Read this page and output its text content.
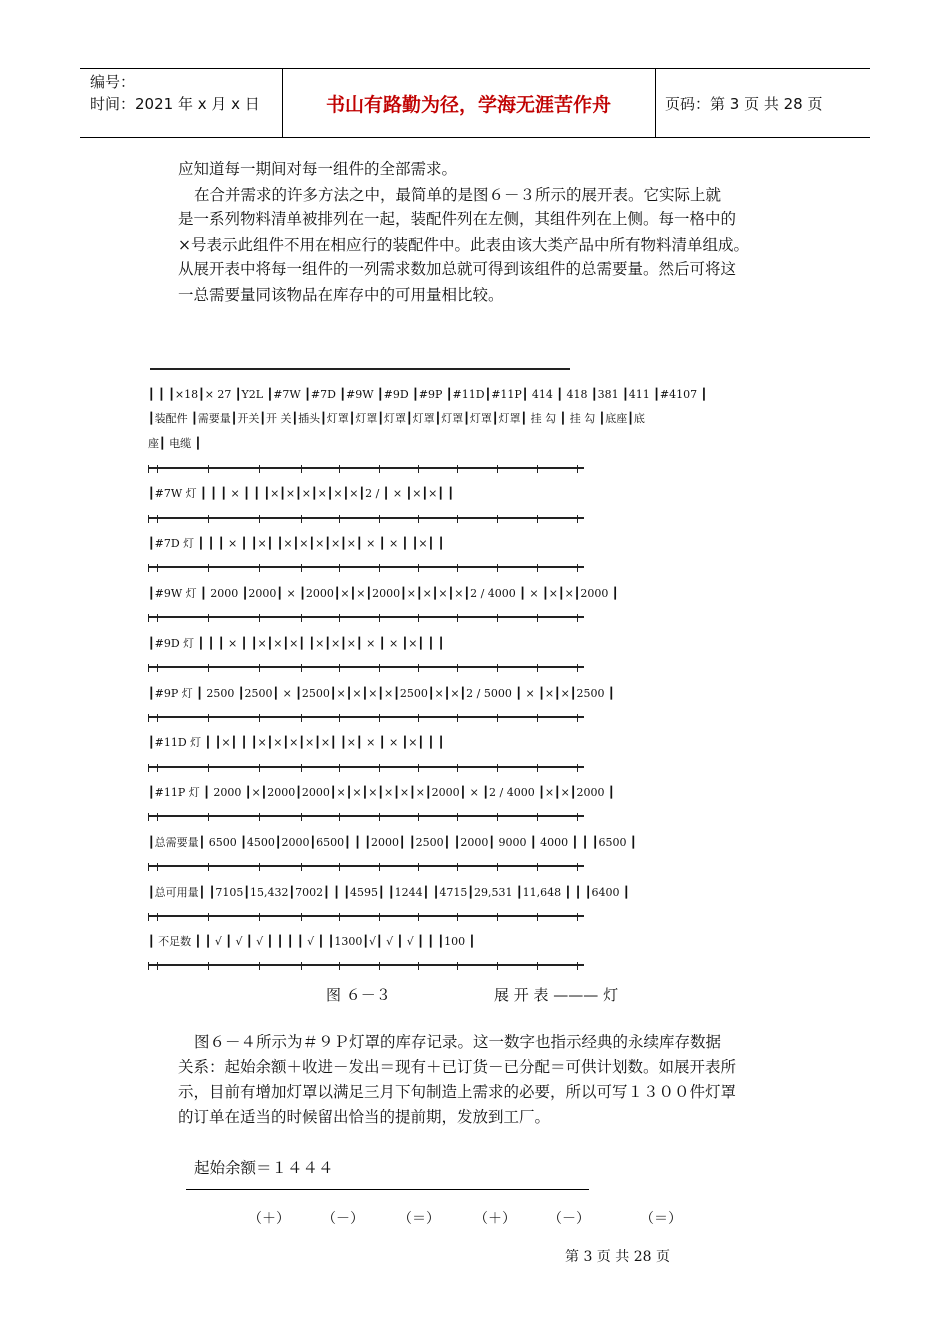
编号：
时间：2021 年 x 月 x 日	书山有路勤为径，学海无涯苦作舟	页码：第 3 页 共 28 页
应知道每一期间对每一组件的全部需求。
在合并需求的许多方法之中，最简单的是图６－３所示的展开表。它实际上就
是一系列物料清单被排列在一起，装配件列在左侧，其组件列在上侧。每一格中的
×号表示此组件不用在相应行的装配件中。此表由该大类产品中所有物料清单组成。
从展开表中将每一组件的一列需求数加总就可得到该组件的总需要量。然后可将这
一总需要量同该物品在库存中的可用量相比较。
┃ ┃ ┃×18┃× 27 ┃Y2L ┃#7W ┃#7D ┃#9W ┃#9D ┃#9P ┃#11D┃#11P┃ 414 ┃ 418 ┃381 ┃411 ┃#4107 ┃
┃装配件 ┃需要量┃开关┃开 关┃插头┃灯罩┃灯罩┃灯罩┃灯罩┃灯罩┃灯罩┃灯罩┃ 挂 勾 ┃ 挂 勾 ┃底座┃底
座┃ 电缆 ┃
┃#7W 灯 ┃ ┃ ┃ × ┃ ┃ ┃×┃×┃×┃×┃×┃×┃2 / ┃ × ┃×┃×┃ ┃
┃#7D 灯 ┃ ┃ ┃ × ┃ ┃×┃ ┃×┃×┃×┃×┃×┃ × ┃ × ┃ ┃×┃ ┃
┃#9W 灯 ┃ 2000 ┃2000┃ × ┃2000┃×┃×┃2000┃×┃×┃×┃×┃2 / 4000 ┃ × ┃×┃×┃2000 ┃
┃#9D 灯 ┃ ┃ ┃ × ┃ ┃×┃×┃×┃ ┃×┃×┃×┃ × ┃ × ┃×┃ ┃ ┃
┃#9P 灯 ┃ 2500 ┃2500┃ × ┃2500┃×┃×┃×┃×┃2500┃×┃×┃2 / 5000 ┃ × ┃×┃×┃2500 ┃
┃#11D 灯 ┃ ┃×┃ ┃ ┃×┃×┃×┃×┃×┃ ┃×┃ × ┃ × ┃×┃ ┃ ┃
┃#11P 灯 ┃ 2000 ┃×┃2000┃2000┃×┃×┃×┃×┃×┃×┃2000┃ × ┃2 / 4000 ┃×┃×┃2000 ┃
┃总需要量┃ 6500 ┃4500┃2000┃6500┃ ┃ ┃2000┃ ┃2500┃ ┃2000┃ 9000 ┃ 4000 ┃ ┃ ┃6500 ┃
┃总可用量┃ ┃7105┃15,432┃7002┃ ┃ ┃4595┃ ┃1244┃ ┃4715┃29,531 ┃11,648 ┃ ┃ ┃6400 ┃
┃ 不足数 ┃ ┃ √ ┃ √ ┃ √ ┃ ┃ ┃ ┃ √ ┃ ┃1300┃√┃ √ ┃ √ ┃ ┃ ┃100 ┃
图 ６－３	展 开 表 ——— 灯
图６－４所示为＃９Ｐ灯罩的库存记录。这一数字也指示经典的永续库存数据
关系：起始余额＋收进－发出＝现有＋已订货－已分配＝可供计划数。如展开表所
示，目前有增加灯罩以满足三月下旬制造上需求的必要，所以可写１３００件灯罩
的订单在适当的时候留出恰当的提前期，发放到工厂。
起始余额＝１４４４
（＋） （－） （＝） （＋） （－）	（＝）
第 3 页 共 28 页
